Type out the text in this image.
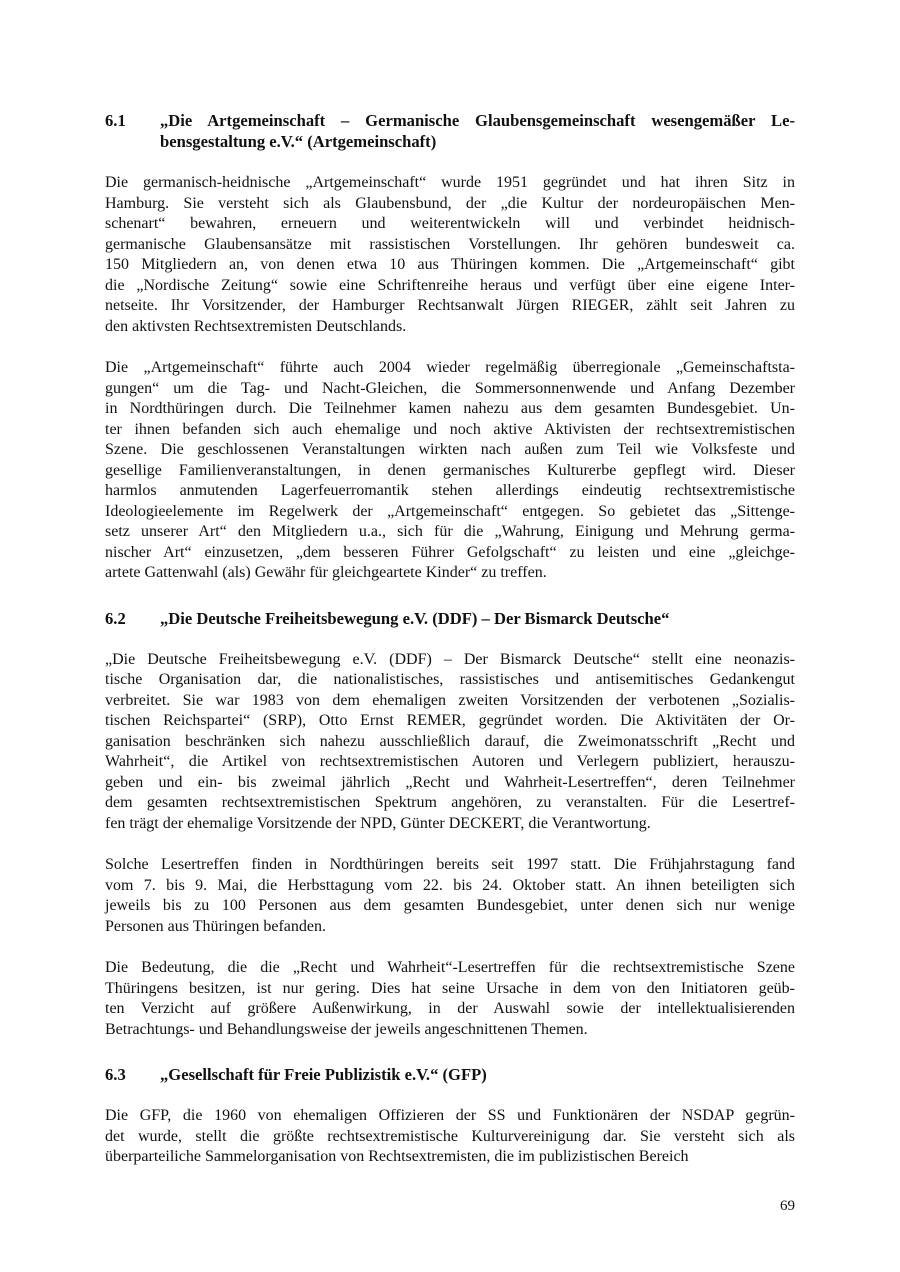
6.1	„Die Artgemeinschaft – Germanische Glaubensgemeinschaft wesengemäßer Le-
bensgestaltung e.V.“ (Artgemeinschaft)
Die germanisch-heidnische „Artgemeinschaft“ wurde 1951 gegründet und hat ihren Sitz in
Hamburg. Sie versteht sich als Glaubensbund, der „die Kultur der nordeuropäischen Men-
schenart“ bewahren, erneuern und weiterentwickeln will und verbindet heidnisch-
germanische Glaubensansätze mit rassistischen Vorstellungen. Ihr gehören bundesweit ca.
150 Mitgliedern an, von denen etwa 10 aus Thüringen kommen. Die „Artgemeinschaft“ gibt
die „Nordische Zeitung“ sowie eine Schriftenreihe heraus und verfügt über eine eigene Inter-
netseite. Ihr Vorsitzender, der Hamburger Rechtsanwalt Jürgen RIEGER, zählt seit Jahren zu
den aktivsten Rechtsextremisten Deutschlands.
Die „Artgemeinschaft“ führte auch 2004 wieder regelmäßig überregionale „Gemeinschaftsta-
gungen“ um die Tag- und Nacht-Gleichen, die Sommersonnenwende und Anfang Dezember
in Nordthüringen durch. Die Teilnehmer kamen nahezu aus dem gesamten Bundesgebiet. Un-
ter ihnen befanden sich auch ehemalige und noch aktive Aktivisten der rechtsextremistischen
Szene. Die geschlossenen Veranstaltungen wirkten nach außen zum Teil wie Volksfeste und
gesellige Familienveranstaltungen, in denen germanisches Kulturerbe gepflegt wird. Dieser
harmlos anmutenden Lagerfeuerromantik stehen allerdings eindeutig rechtsextremistische
Ideologieelemente im Regelwerk der „Artgemeinschaft“ entgegen. So gebietet das „Sittenge-
setz unserer Art“ den Mitgliedern u.a., sich für die „Wahrung, Einigung und Mehrung germa-
nischer Art“ einzusetzen, „dem besseren Führer Gefolgschaft“ zu leisten und eine „gleichge-
artete Gattenwahl (als) Gewähr für gleichgeartete Kinder“ zu treffen.
6.2	„Die Deutsche Freiheitsbewegung e.V. (DDF) – Der Bismarck Deutsche“
„Die Deutsche Freiheitsbewegung e.V. (DDF) – Der Bismarck Deutsche“ stellt eine neonazis-
tische Organisation dar, die nationalistisches, rassistisches und antisemitisches Gedankengut
verbreitet. Sie war 1983 von dem ehemaligen zweiten Vorsitzenden der verbotenen „Sozialis-
tischen Reichspartei“ (SRP), Otto Ernst REMER, gegründet worden. Die Aktivitäten der Or-
ganisation beschränken sich nahezu ausschließlich darauf, die Zweimonatsschrift „Recht und
Wahrheit“, die Artikel von rechtsextremistischen Autoren und Verlegern publiziert, herauszu-
geben und ein- bis zweimal jährlich „Recht und Wahrheit-Lesertreffen“, deren Teilnehmer
dem gesamten rechtsextremistischen Spektrum angehören, zu veranstalten. Für die Lesertref-
fen trägt der ehemalige Vorsitzende der NPD, Günter DECKERT, die Verantwortung.
Solche Lesertreffen finden in Nordthüringen bereits seit 1997 statt. Die Frühjahrstagung fand
vom 7. bis 9. Mai, die Herbsttagung vom 22. bis 24. Oktober statt. An ihnen beteiligten sich
jeweils bis zu 100 Personen aus dem gesamten Bundesgebiet, unter denen sich nur wenige
Personen aus Thüringen befanden.
Die Bedeutung, die die „Recht und Wahrheit“-Lesertreffen für die rechtsextremistische Szene
Thüringens besitzen, ist nur gering. Dies hat seine Ursache in dem von den Initiatoren geüb-
ten Verzicht auf größere Außenwirkung, in der Auswahl sowie der intellektualisierenden
Betrachtungs- und Behandlungsweise der jeweils angeschnittenen Themen.
6.3	„Gesellschaft für Freie Publizistik e.V.“ (GFP)
Die GFP, die 1960 von ehemaligen Offizieren der SS und Funktionären der NSDAP gegrün-
det wurde, stellt die größte rechtsextremistische Kulturvereinigung dar. Sie versteht sich als
überparteiliche Sammelorganisation von Rechtsextremisten, die im publizistischen Bereich
69
